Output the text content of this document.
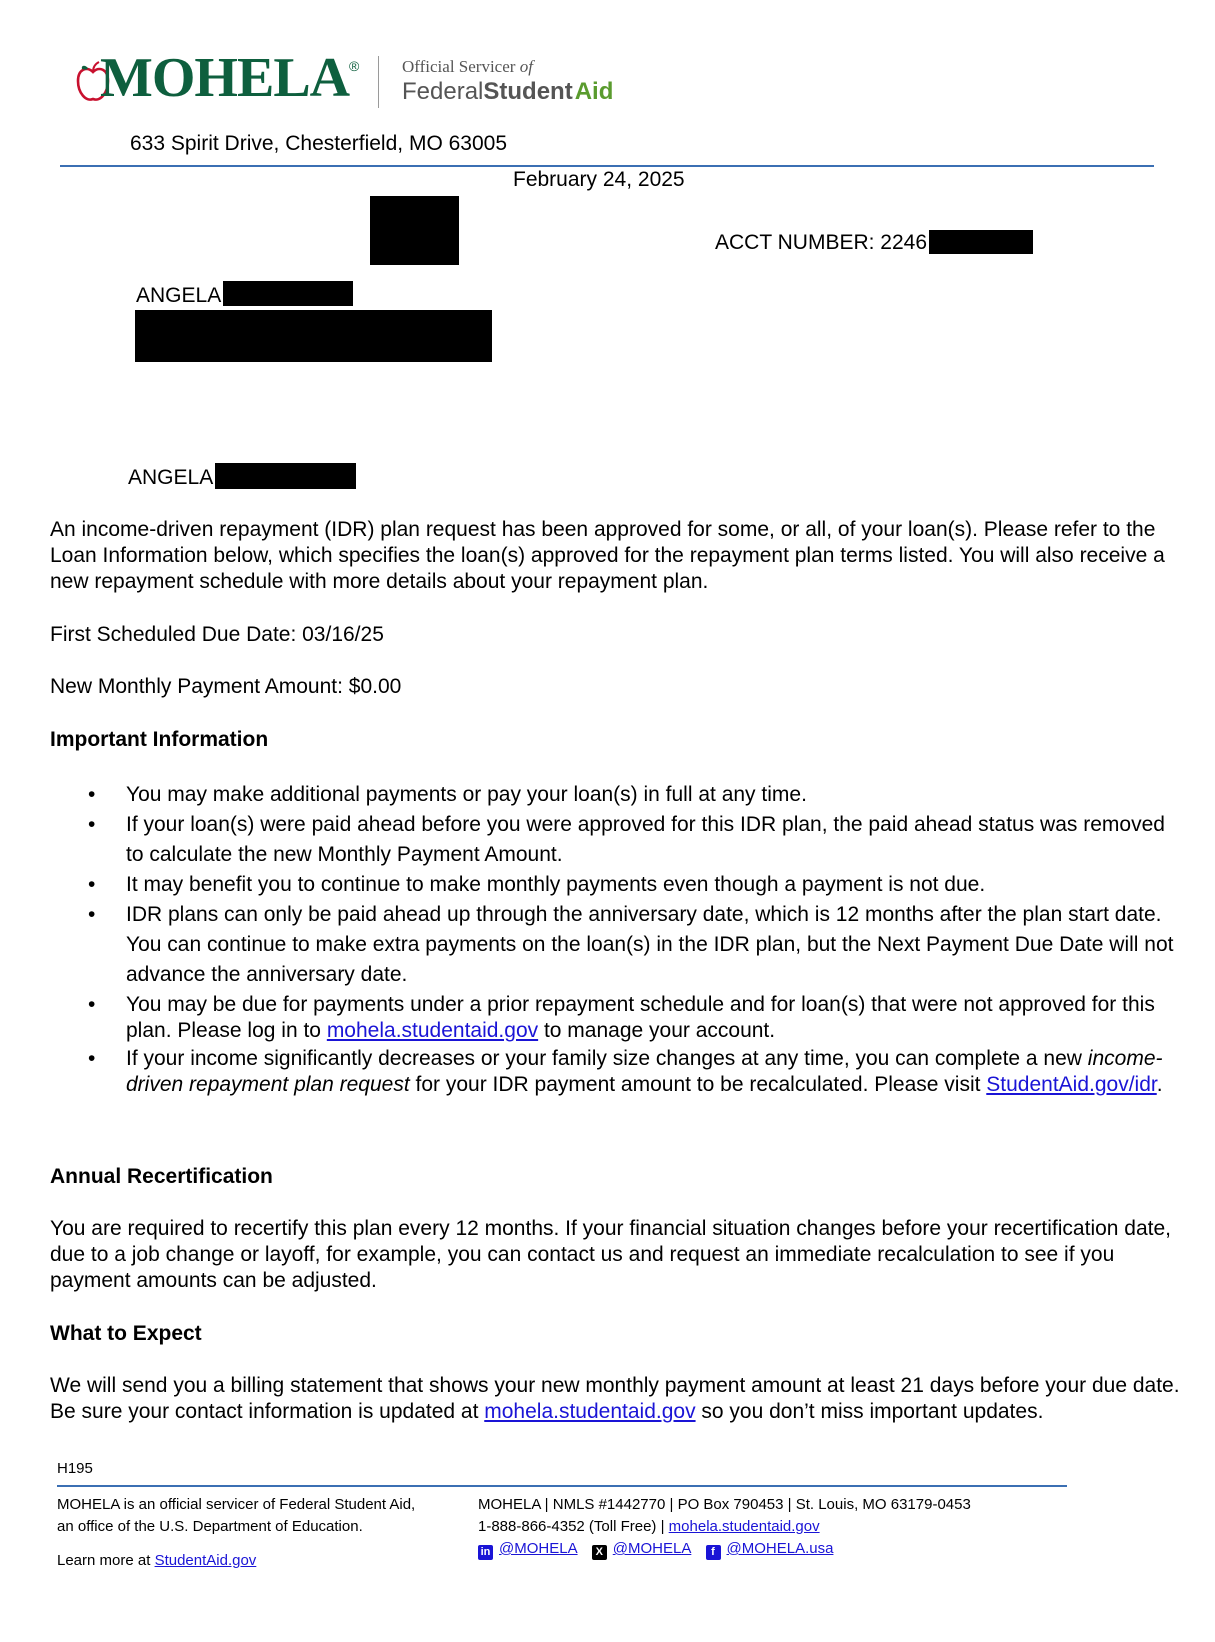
MOHELA ®	Official Servicer of
FederalStudent Aid
633 Spirit Drive, Chesterfield, MO 63005
February 24, 2025
ACCT NUMBER: 2246
ANGELA
ANGELA
An income-driven repayment (IDR) plan request has been approved for some, or all, of your loan(s). Please refer to the Loan Information below, which specifies the loan(s) approved for the repayment plan terms listed. You will also receive a new repayment schedule with more details about your repayment plan.
First Scheduled Due Date: 03/16/25
New Monthly Payment Amount: $0.00
Important Information
• You may make additional payments or pay your loan(s) in full at any time.
• If your loan(s) were paid ahead before you were approved for this IDR plan, the paid ahead status was removed to calculate the new Monthly Payment Amount.
• It may benefit you to continue to make monthly payments even though a payment is not due.
• IDR plans can only be paid ahead up through the anniversary date, which is 12 months after the plan start date. You can continue to make extra payments on the loan(s) in the IDR plan, but the Next Payment Due Date will not advance the anniversary date.
• You may be due for payments under a prior repayment schedule and for loan(s) that were not approved for this plan. Please log in to mohela.studentaid.gov to manage your account.
• If your income significantly decreases or your family size changes at any time, you can complete a new income-driven repayment plan request for your IDR payment amount to be recalculated. Please visit StudentAid.gov/idr.
Annual Recertification
You are required to recertify this plan every 12 months. If your financial situation changes before your recertification date, due to a job change or layoff, for example, you can contact us and request an immediate recalculation to see if you payment amounts can be adjusted.
What to Expect
We will send you a billing statement that shows your new monthly payment amount at least 21 days before your due date. Be sure your contact information is updated at mohela.studentaid.gov so you don’t miss important updates.
H195
MOHELA is an official servicer of Federal Student Aid,
an office of the U.S. Department of Education.
Learn more at StudentAid.gov
MOHELA | NMLS #1442770 | PO Box 790453 | St. Louis, MO 63179-0453
1-888-866-4352 (Toll Free) | mohela.studentaid.gov
in @MOHELA X @MOHELA f @MOHELA.usa
